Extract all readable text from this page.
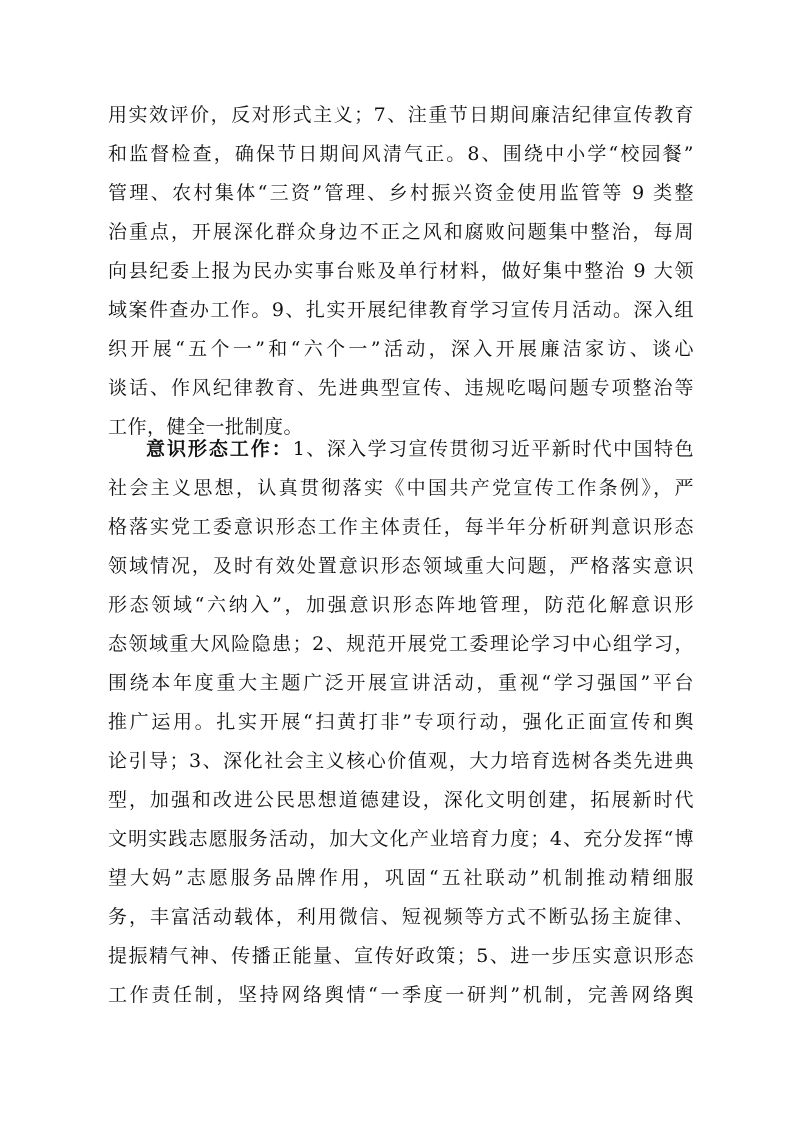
用实效评价，反对形式主义；7、注重节日期间廉洁纪律宣传教育
和监督检查，确保节日期间风清气正。8、围绕中小学“校园餐”
管理、农村集体“三资”管理、乡村振兴资金使用监管等 9 类整
治重点，开展深化群众身边不正之风和腐败问题集中整治，每周
向县纪委上报为民办实事台账及单行材料，做好集中整治 9 大领
域案件查办工作。9、扎实开展纪律教育学习宣传月活动。深入组
织开展“五个一”和“六个一”活动，深入开展廉洁家访、谈心
谈话、作风纪律教育、先进典型宣传、违规吃喝问题专项整治等
工作，健全一批制度。
意识形态工作：1、深入学习宣传贯彻习近平新时代中国特色
社会主义思想，认真贯彻落实《中国共产党宣传工作条例》，严
格落实党工委意识形态工作主体责任，每半年分析研判意识形态
领域情况，及时有效处置意识形态领域重大问题，严格落实意识
形态领域“六纳入”，加强意识形态阵地管理，防范化解意识形
态领域重大风险隐患；2、规范开展党工委理论学习中心组学习，
围绕本年度重大主题广泛开展宣讲活动，重视“学习强国”平台
推广运用。扎实开展“扫黄打非”专项行动，强化正面宣传和舆
论引导；3、深化社会主义核心价值观，大力培育选树各类先进典
型，加强和改进公民思想道德建设，深化文明创建，拓展新时代
文明实践志愿服务活动，加大文化产业培育力度；4、充分发挥“博
望大妈”志愿服务品牌作用，巩固“五社联动”机制推动精细服
务，丰富活动载体，利用微信、短视频等方式不断弘扬主旋律、
提振精气神、传播正能量、宣传好政策；5、进一步压实意识形态
工作责任制，坚持网络舆情“一季度一研判”机制，完善网络舆
